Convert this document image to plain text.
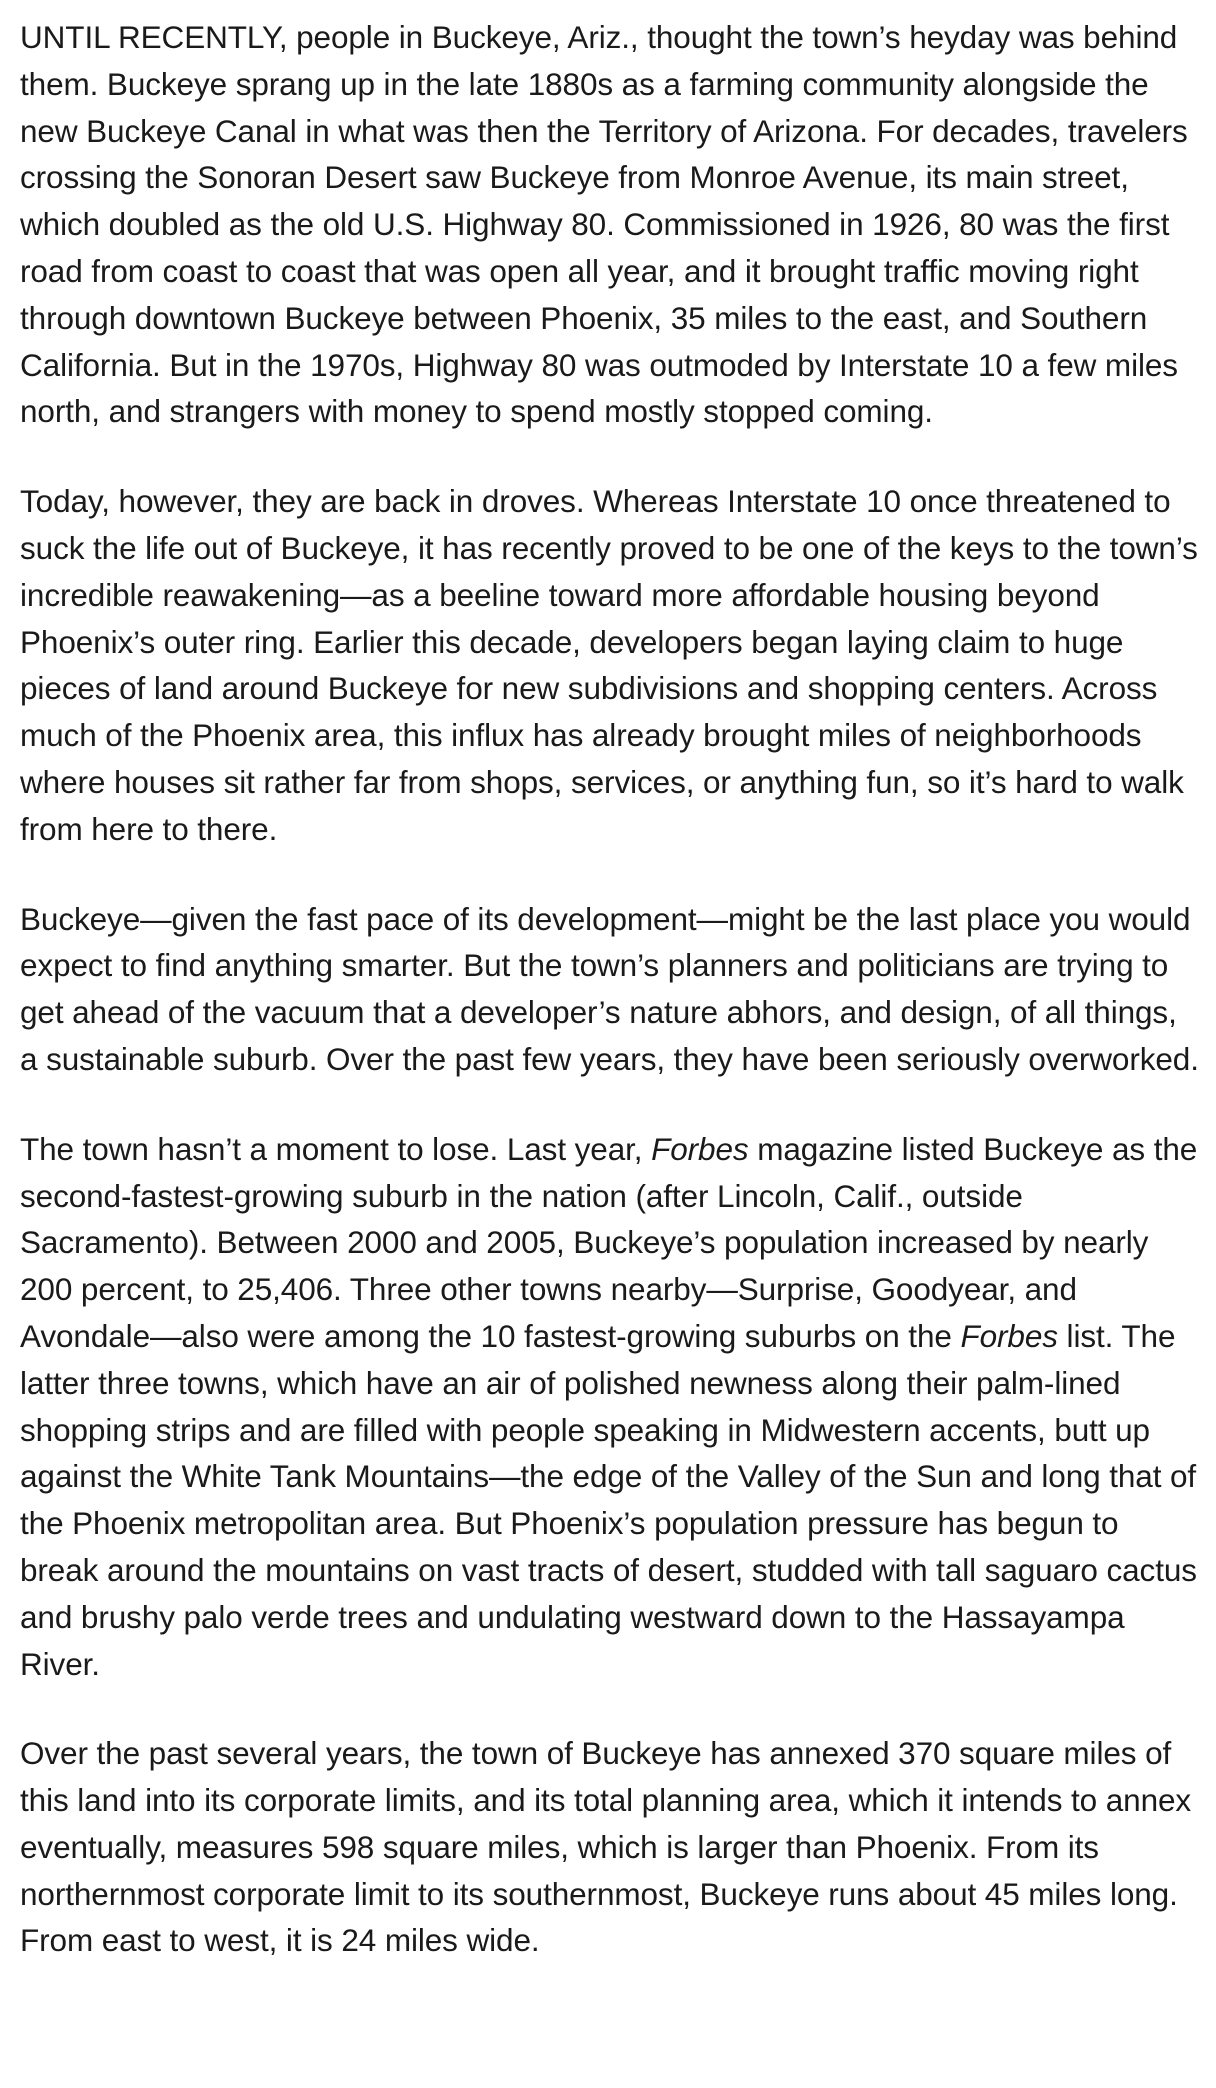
UNTIL RECENTLY, people in Buckeye, Ariz., thought the town’s heyday was behind them. Buckeye sprang up in the late 1880s as a farming community alongside the new Buckeye Canal in what was then the Territory of Arizona. For decades, travelers crossing the Sonoran Desert saw Buckeye from Monroe Avenue, its main street, which doubled as the old U.S. Highway 80. Commissioned in 1926, 80 was the first road from coast to coast that was open all year, and it brought traffic moving right through downtown Buckeye between Phoenix, 35 miles to the east, and Southern California. But in the 1970s, Highway 80 was outmoded by Interstate 10 a few miles north, and strangers with money to spend mostly stopped coming.

Today, however, they are back in droves. Whereas Interstate 10 once threatened to suck the life out of Buckeye, it has recently proved to be one of the keys to the town’s incredible reawakening—as a beeline toward more affordable housing beyond Phoenix’s outer ring. Earlier this decade, developers began laying claim to huge pieces of land around Buckeye for new subdivisions and shopping centers. Across much of the Phoenix area, this influx has already brought miles of neighborhoods where houses sit rather far from shops, services, or anything fun, so it’s hard to walk from here to there.

Buckeye—given the fast pace of its development—might be the last place you would expect to find anything smarter. But the town’s planners and politicians are trying to get ahead of the vacuum that a developer’s nature abhors, and design, of all things, a sustainable suburb. Over the past few years, they have been seriously overworked.

The town hasn’t a moment to lose. Last year, Forbes magazine listed Buckeye as the second-fastest-growing suburb in the nation (after Lincoln, Calif., outside Sacramento). Between 2000 and 2005, Buckeye’s population increased by nearly 200 percent, to 25,406. Three other towns nearby—Surprise, Goodyear, and Avondale—also were among the 10 fastest-growing suburbs on the Forbes list. The latter three towns, which have an air of polished newness along their palm-lined shopping strips and are filled with people speaking in Midwestern accents, butt up against the White Tank Mountains—the edge of the Valley of the Sun and long that of the Phoenix metropolitan area. But Phoenix’s population pressure has begun to break around the mountains on vast tracts of desert, studded with tall saguaro cactus and brushy palo verde trees and undulating westward down to the Hassayampa River.

Over the past several years, the town of Buckeye has annexed 370 square miles of this land into its corporate limits, and its total planning area, which it intends to annex eventually, measures 598 square miles, which is larger than Phoenix. From its northernmost corporate limit to its southernmost, Buckeye runs about 45 miles long. From east to west, it is 24 miles wide.
